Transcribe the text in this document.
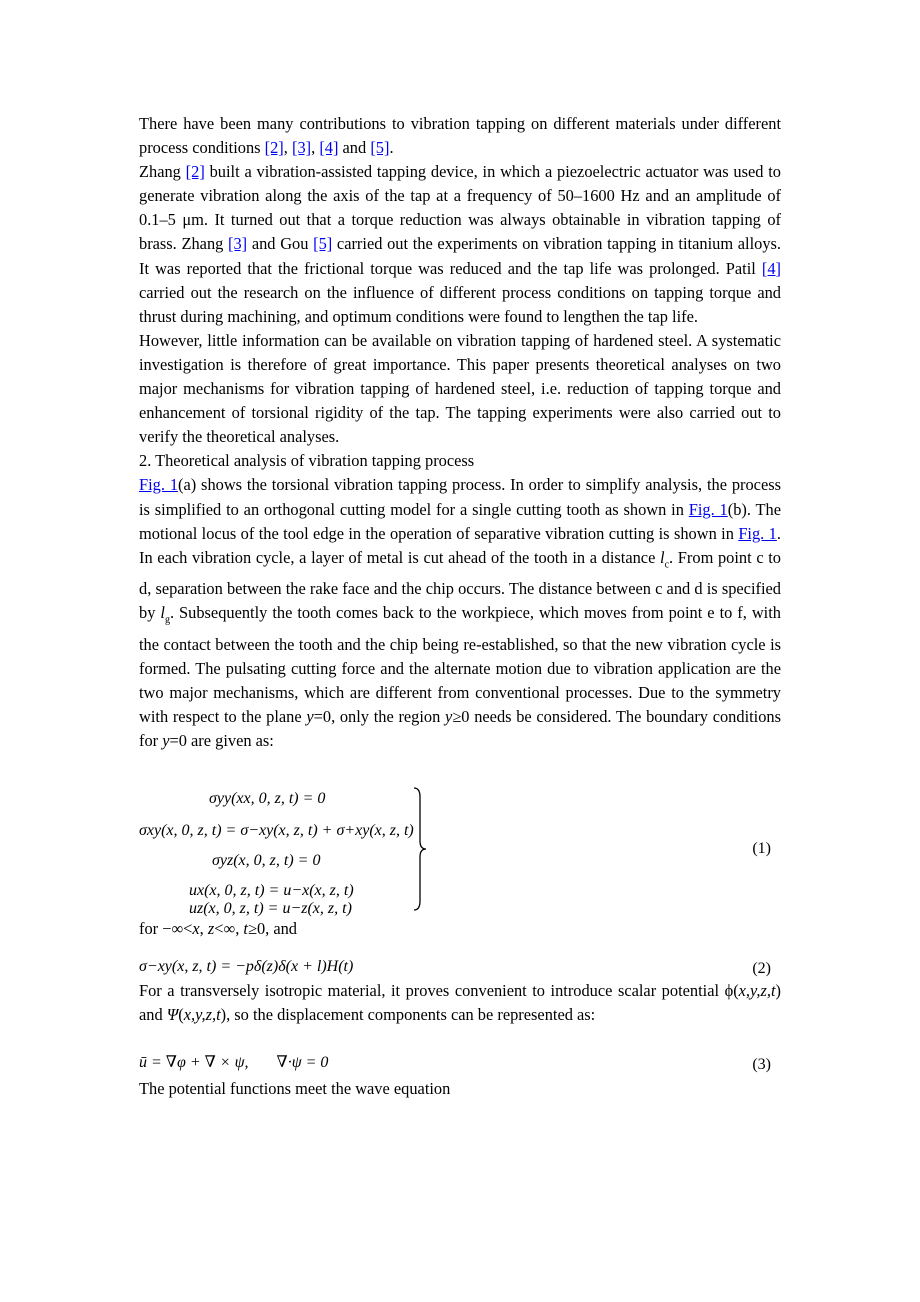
There have been many contributions to vibration tapping on different materials under different process conditions [2], [3], [4] and [5].

Zhang [2] built a vibration-assisted tapping device, in which a piezoelectric actuator was used to generate vibration along the axis of the tap at a frequency of 50–1600 Hz and an amplitude of 0.1–5 μm. It turned out that a torque reduction was always obtainable in vibration tapping of brass. Zhang [3] and Gou [5] carried out the experiments on vibration tapping in titanium alloys. It was reported that the frictional torque was reduced and the tap life was prolonged. Patil [4] carried out the research on the influence of different process conditions on tapping torque and thrust during machining, and optimum conditions were found to lengthen the tap life.

However, little information can be available on vibration tapping of hardened steel. A systematic investigation is therefore of great importance. This paper presents theoretical analyses on two major mechanisms for vibration tapping of hardened steel, i.e. reduction of tapping torque and enhancement of torsional rigidity of the tap. The tapping experiments were also carried out to verify the theoretical analyses.

2. Theoretical analysis of vibration tapping process

Fig. 1(a) shows the torsional vibration tapping process. In order to simplify analysis, the process is simplified to an orthogonal cutting model for a single cutting tooth as shown in Fig. 1(b). The motional locus of the tool edge in the operation of separative vibration cutting is shown in Fig. 1. In each vibration cycle, a layer of metal is cut ahead of the tooth in a distance $l_c$. From point c to d, separation between the rake face and the chip occurs. The distance between c and d is specified by $l_g$. Subsequently the tooth comes back to the workpiece, which moves from point e to f, with the contact between the tooth and the chip being re-established, so that the new vibration cycle is formed. The pulsating cutting force and the alternate motion due to vibration application are the two major mechanisms, which are different from conventional processes. Due to the symmetry with respect to the plane y=0, only the region y≥0 needs be considered. The boundary conditions for y=0 are given as:

σyy(xx, 0, z, t) = 0
σxy(x, 0, z, t) = σ−xy(x, z, t) + σ+xy(x, z, t)
σyz(x, 0, z, t) = 0
ux(x, 0, z, t) = u−x(x, z, t)
uz(x, 0, z, t) = u−z(x, z, t)
(1)

for −∞<x, z<∞, t≥0, and

σ−xy(x, z, t) = −pδ(z)δ(x + l)H(t)	(2)

For a transversely isotropic material, it proves convenient to introduce scalar potential ϕ(x,y,z,t) and Ψ(x,y,z,t), so the displacement components can be represented as:

ū = ∇φ + ∇ × ψ,       ∇·ψ = 0	(3)

The potential functions meet the wave equation
